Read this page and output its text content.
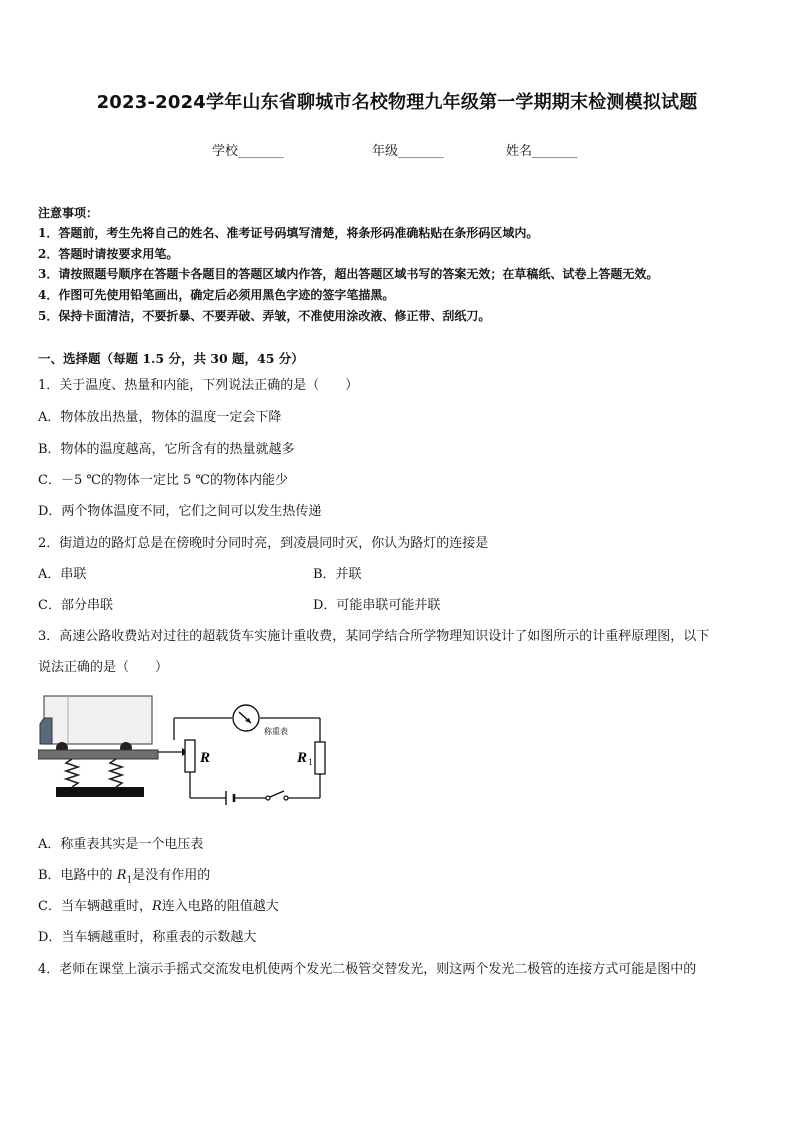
2023-2024学年山东省聊城市名校物理九年级第一学期期末检测模拟试题
学校_______	年级_______	姓名_______
注意事项：
1．答题前，考生先将自己的姓名、准考证号码填写清楚，将条形码准确粘贴在条形码区域内。
2．答题时请按要求用笔。
3．请按照题号顺序在答题卡各题目的答题区域内作答，超出答题区域书写的答案无效；在草稿纸、试卷上答题无效。
4．作图可先使用铅笔画出，确定后必须用黑色字迹的签字笔描黑。
5．保持卡面清洁，不要折暴、不要弄破、弄皱，不准使用涂改液、修正带、刮纸刀。
一、选择题（每题 1.5 分，共 30 题，45 分）
1．关于温度、热量和内能，下列说法正确的是（　　）
A．物体放出热量，物体的温度一定会下降
B．物体的温度越高，它所含有的热量就越多
C．－5 ℃的物体一定比 5 ℃的物体内能少
D．两个物体温度不同，它们之间可以发生热传递
2．街道边的路灯总是在傍晚时分同时亮，到凌晨同时灭，你认为路灯的连接是
A．串联	B．并联
C．部分串联	D．可能串联可能并联
3．高速公路收费站对过往的超载货车实施计重收费，某同学结合所学物理知识设计了如图所示的计重秤原理图，以下
说法正确的是（　　）
称重表
R	R 1
A．称重表其实是一个电压表
B．电路中的 $R_1$是没有作用的
C．当车辆越重时，R连入电路的阻值越大
D．当车辆越重时，称重表的示数越大
4．老师在课堂上演示手摇式交流发电机使两个发光二极管交替发光，则这两个发光二极管的连接方式可能是图中的
